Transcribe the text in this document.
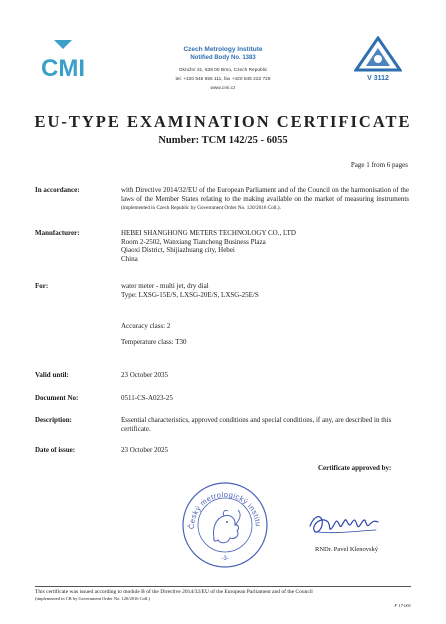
CMI
Czech Metrology Institute
Notified Body No. 1383
Okružní 31, 638 00 Brno, Czech Republic
tel. +420 545 555 111, fax +420 545 222 728
www.cmi.cz
V 3112
EU-TYPE EXAMINATION CERTIFICATE
Number: TCM 142/25 - 6055
Page 1 from 6 pages
In accordance:	with Directive 2014/32/EU of the European Parliament and of the Council on the harmonisation of the laws of the Member States relating to the making available on the market of measuring instruments (implemented in Czech Republic by Government Order No. 120/2016 Coll.).
Manufacturer:	HEBEI SHANGHONG METERS TECHNOLOGY CO., LTD
Room 2-2502, Wanxiang Tiancheng Business Plaza
Qiaoxi District, Shijiazhuang city, Hebei
China
For:	water meter - multi jet, dry dial
Type: LXSG-15E/S, LXSG-20E/S, LXSG-25E/S
Accuracy class: 2
Temperature class: T30
Valid until:	23 October 2035
Document No:	0511-CS-A023-25
Description:	Essential characteristics, approved conditions and special conditions, if any, are described in this certificate.
Date of issue:	23 October 2025
Certificate approved by:
Český metrologický institu
-3-
RNDr. Pavel Klenovský
This certificate was issued according to module B of the Directive 2014/32/EU of the European Parliament and of the Council
(implemented in CR by Government Order No. 120/2016 Coll.)
F 17-001
